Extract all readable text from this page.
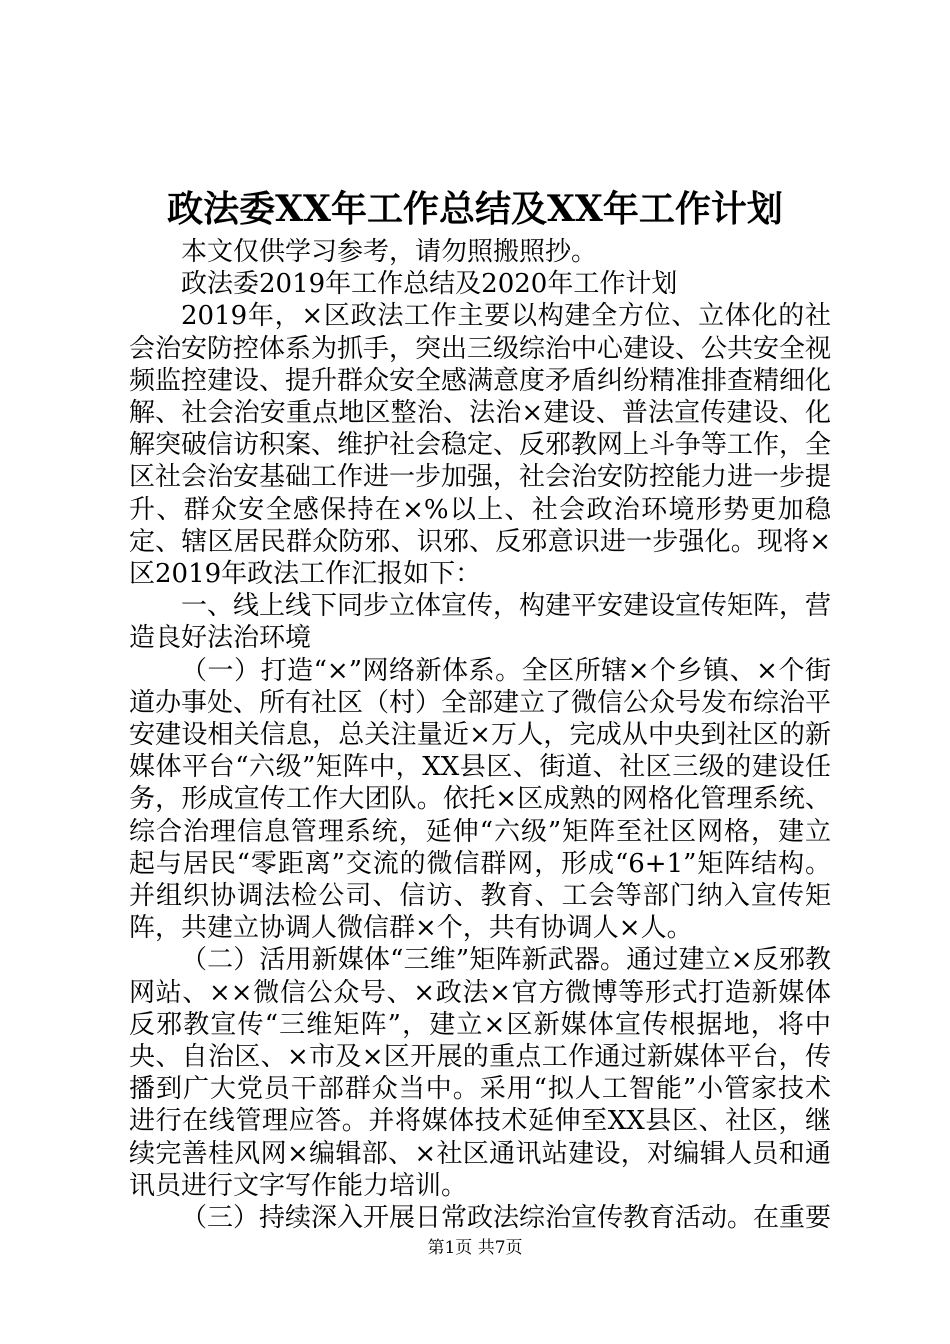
政法委XX年工作总结及XX年工作计划

本文仅供学习参考，请勿照搬照抄。

政法委2019年工作总结及2020年工作计划

2019年，×区政法工作主要以构建全方位、立体化的社会治安防控体系为抓手，突出三级综治中心建设、公共安全视频监控建设、提升群众安全感满意度矛盾纠纷精准排查精细化解、社会治安重点地区整治、法治×建设、普法宣传建设、化解突破信访积案、维护社会稳定、反邪教网上斗争等工作，全区社会治安基础工作进一步加强，社会治安防控能力进一步提升、群众安全感保持在×%以上、社会政治环境形势更加稳定、辖区居民群众防邪、识邪、反邪意识进一步强化。现将×区2019年政法工作汇报如下：

一、线上线下同步立体宣传，构建平安建设宣传矩阵，营造良好法治环境

（一）打造“×”网络新体系。全区所辖×个乡镇、×个街道办事处、所有社区（村）全部建立了微信公众号发布综治平安建设相关信息，总关注量近×万人，完成从中央到社区的新媒体平台“六级”矩阵中，XX县区、街道、社区三级的建设任务，形成宣传工作大团队。依托×区成熟的网格化管理系统、综合治理信息管理系统，延伸“六级”矩阵至社区网格，建立起与居民“零距离”交流的微信群网，形成“6+1”矩阵结构。并组织协调法检公司、信访、教育、工会等部门纳入宣传矩阵，共建立协调人微信群×个，共有协调人×人。

（二）活用新媒体“三维”矩阵新武器。通过建立×反邪教网站、××微信公众号、×政法×官方微博等形式打造新媒体反邪教宣传“三维矩阵”，建立×区新媒体宣传根据地，将中央、自治区、×市及×区开展的重点工作通过新媒体平台，传播到广大党员干部群众当中。采用“拟人工智能”小管家技术进行在线管理应答。并将媒体技术延伸至XX县区、社区，继续完善桂风网×编辑部、×社区通讯站建设，对编辑人员和通讯员进行文字写作能力培训。

（三）持续深入开展日常政法综治宣传教育活动。在重要

第1页 共7页
